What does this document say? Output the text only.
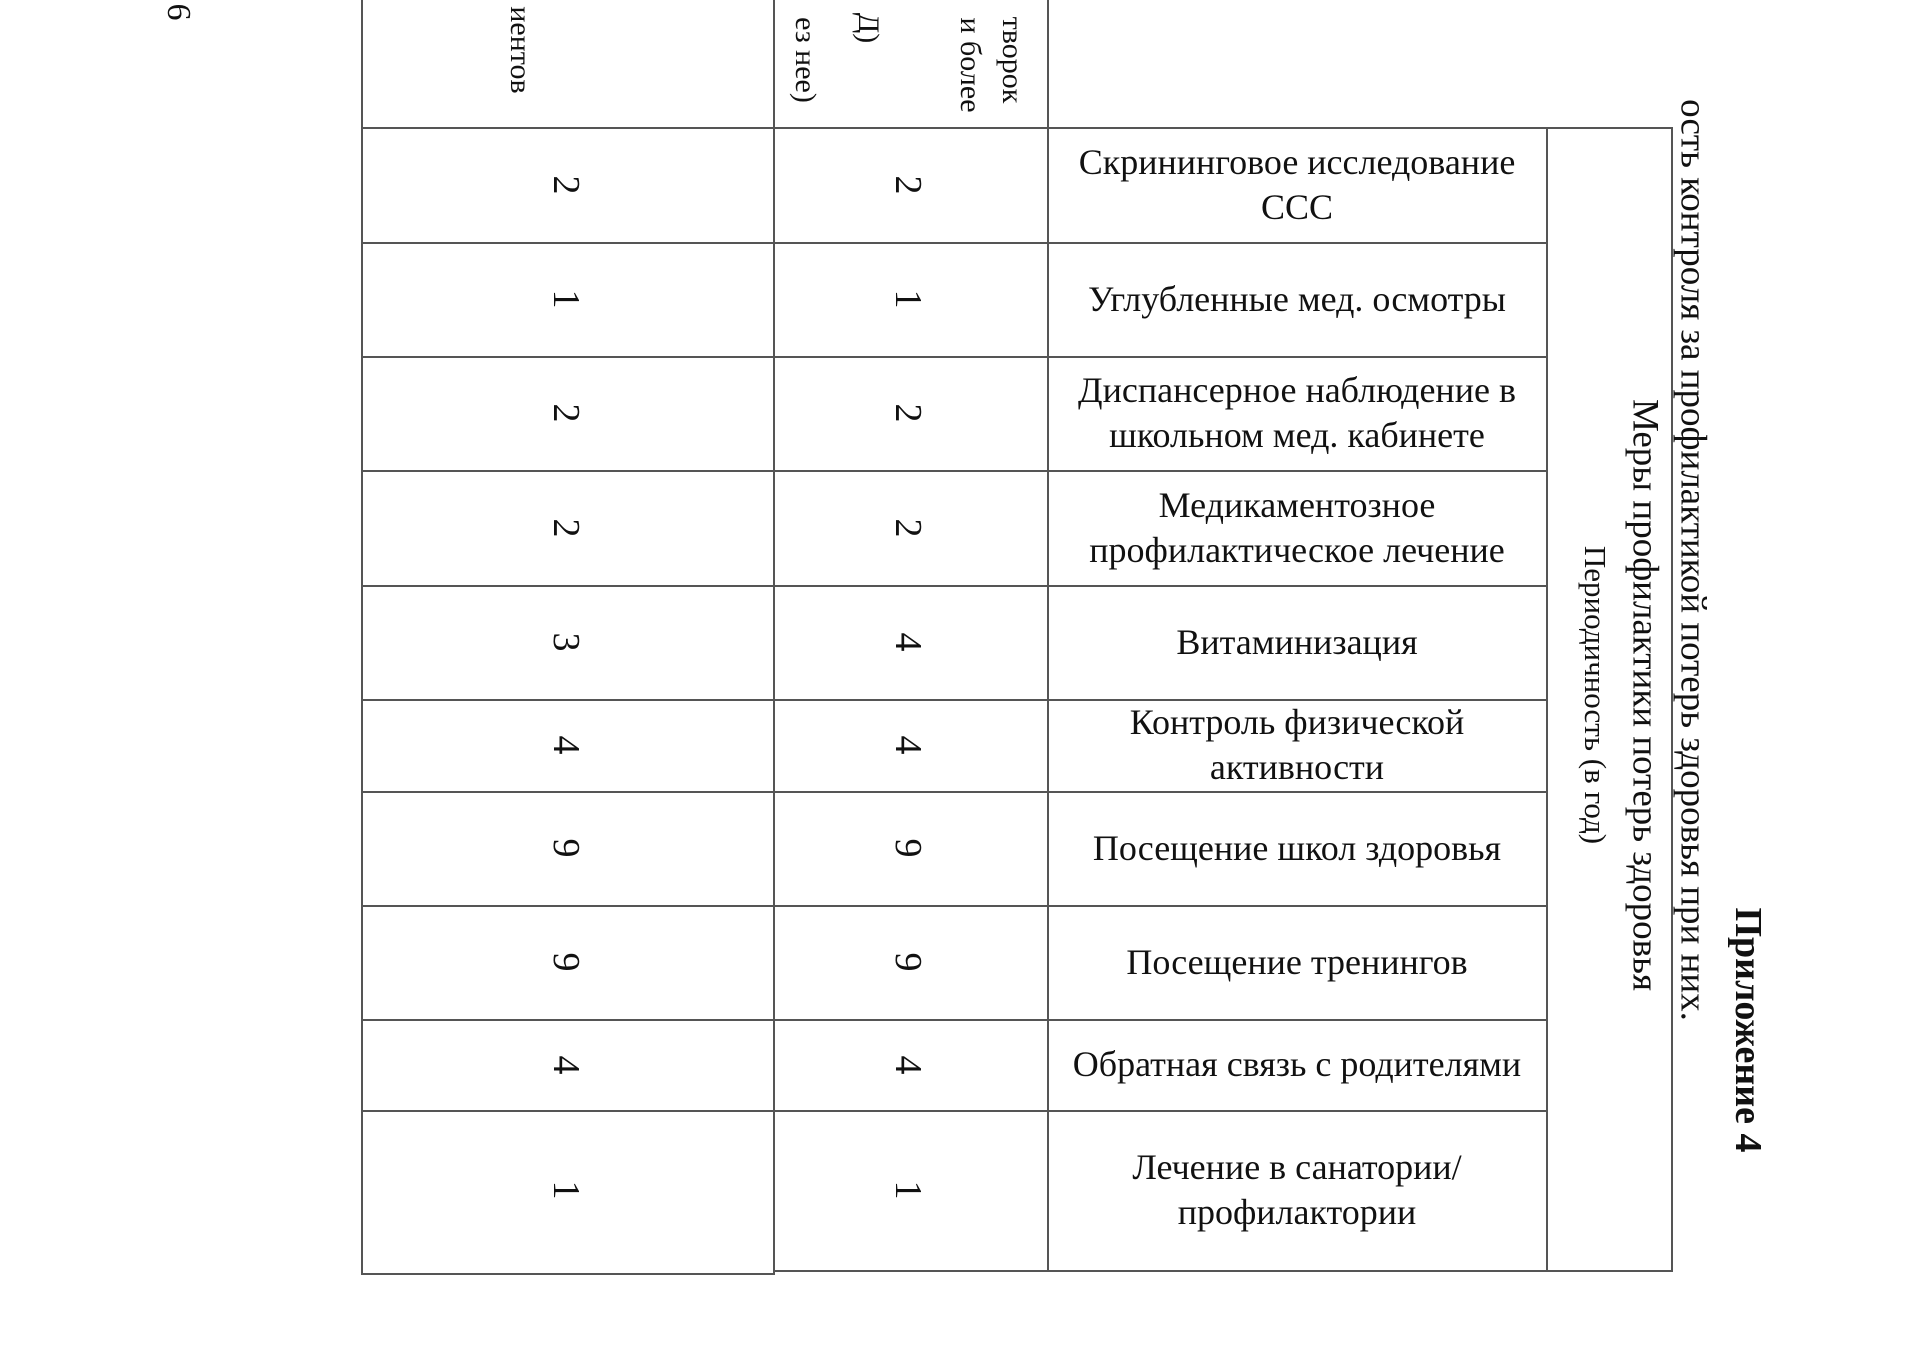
6
Приложение 4
ость контроля за профилактикой потерь здоровья при них.
Меры профилактики потерь здоровья
Периодичность (в год)
творок
и более
Д)
ез нее)
иентов
Скрининговое исследование ССС
2
2
Углубленные мед. осмотры
1
1
Диспансерное наблюдение в школьном мед. кабинете
2
2
Медикаментозное профилактическое лечение
2
2
Витаминизация
4
3
Контроль физической активности
4
4
Посещение школ здоровья
9
9
Посещение тренингов
9
9
Обратная связь с родителями
4
4
Лечение в санатории/профилактории
1
1
